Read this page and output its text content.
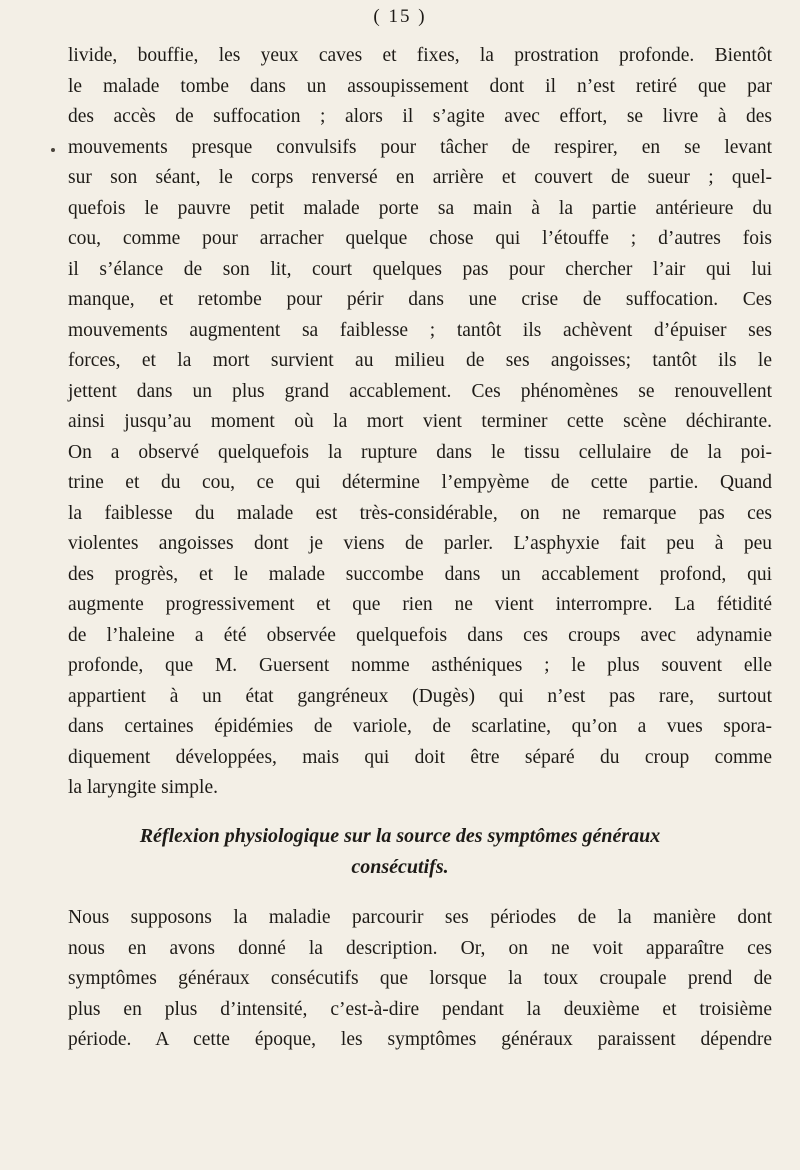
( 15 )
livide, bouffie, les yeux caves et fixes, la prostration profonde. Bientôt
le malade tombe dans un assoupissement dont il n’est retiré que par
des accès de suffocation ; alors il s’agite avec effort, se livre à des
mouvements presque convulsifs pour tâcher de respirer, en se levant
sur son séant, le corps renversé en arrière et couvert de sueur ; quel-
quefois le pauvre petit malade porte sa main à la partie antérieure du
cou, comme pour arracher quelque chose qui l’étouffe ; d’autres fois
il s’élance de son lit, court quelques pas pour chercher l’air qui lui
manque, et retombe pour périr dans une crise de suffocation. Ces
mouvements augmentent sa faiblesse ; tantôt ils achèvent d’épuiser ses
forces, et la mort survient au milieu de ses angoisses; tantôt ils le
jettent dans un plus grand accablement. Ces phénomènes se renouvellent
ainsi jusqu’au moment où la mort vient terminer cette scène déchirante.
On a observé quelquefois la rupture dans le tissu cellulaire de la poi-
trine et du cou, ce qui détermine l’empyème de cette partie. Quand
la faiblesse du malade est très-considérable, on ne remarque pas ces
violentes angoisses dont je viens de parler. L’asphyxie fait peu à peu
des progrès, et le malade succombe dans un accablement profond, qui
augmente progressivement et que rien ne vient interrompre. La fétidité
de l’haleine a été observée quelquefois dans ces croups avec adynamie
profonde, que M. Guersent nomme asthéniques ; le plus souvent elle
appartient à un état gangréneux (Dugès) qui n’est pas rare, surtout
dans certaines épidémies de variole, de scarlatine, qu’on a vues spora-
diquement développées, mais qui doit être séparé du croup comme
la laryngite simple.
Réflexion physiologique sur la source des symptômes généraux
consécutifs.
Nous supposons la maladie parcourir ses périodes de la manière dont
nous en avons donné la description. Or, on ne voit apparaître ces
symptômes généraux consécutifs que lorsque la toux croupale prend de
plus en plus d’intensité, c’est-à-dire pendant la deuxième et troisième
période. A cette époque, les symptômes généraux paraissent dépendre
